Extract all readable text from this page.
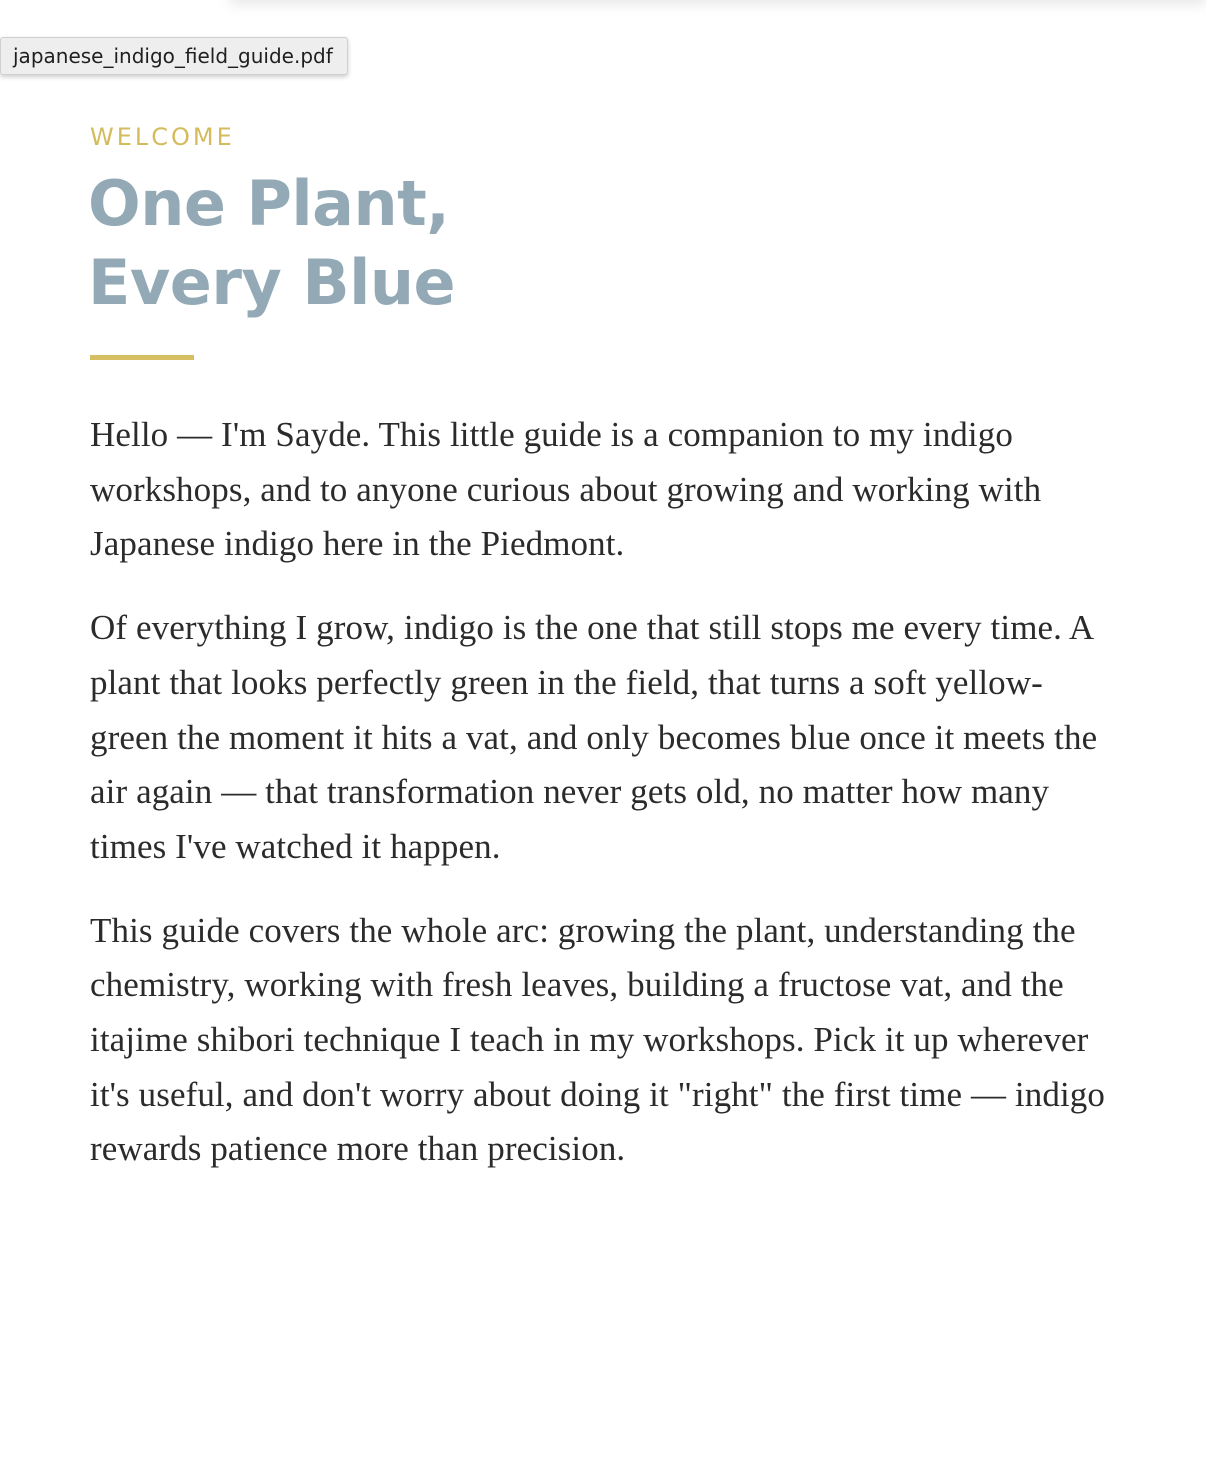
japanese_indigo_field_guide.pdf

WELCOME

One Plant,
Every Blue

Hello — I'm Sayde. This little guide is a companion to my indigo workshops, and to anyone curious about growing and working with Japanese indigo here in the Piedmont.

Of everything I grow, indigo is the one that still stops me every time. A plant that looks perfectly green in the field, that turns a soft yellow-green the moment it hits a vat, and only becomes blue once it meets the air again — that transformation never gets old, no matter how many times I've watched it happen.

This guide covers the whole arc: growing the plant, understanding the chemistry, working with fresh leaves, building a fructose vat, and the itajime shibori technique I teach in my workshops. Pick it up wherever it's useful, and don't worry about doing it "right" the first time — indigo rewards patience more than precision.
